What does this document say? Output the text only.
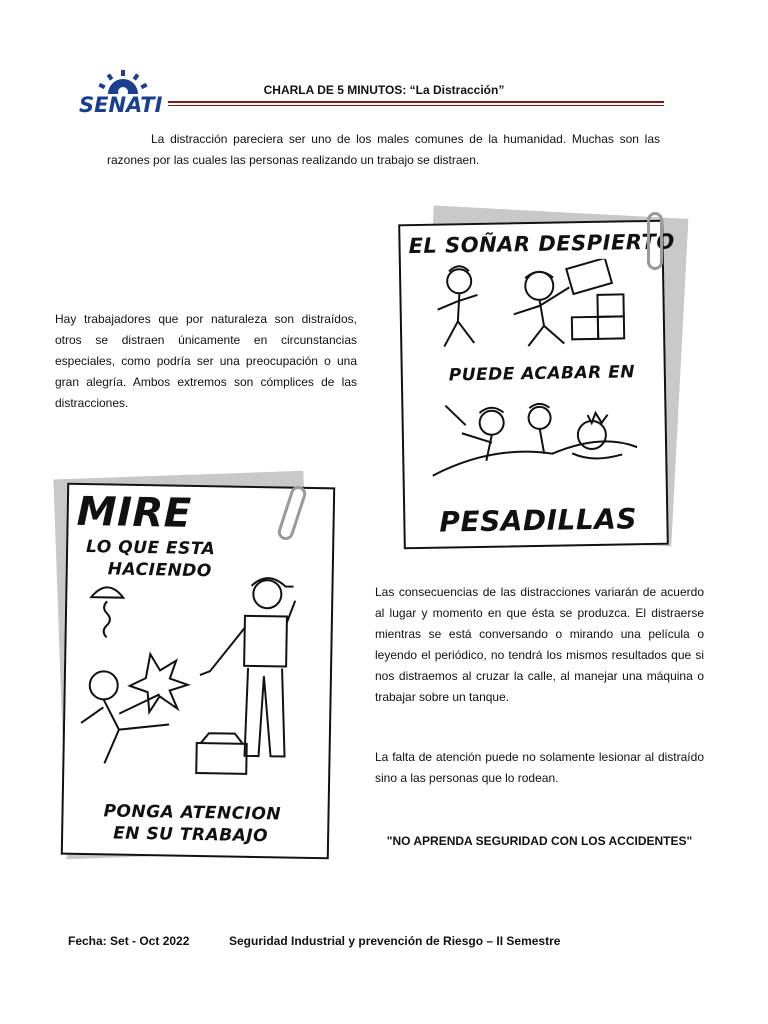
SENATI
CHARLA DE 5 MINUTOS: “La Distracción”

La distracción pareciera ser uno de los males comunes de la humanidad. Muchas son las razones por las cuales las personas realizando un trabajo se distraen.

Hay trabajadores que por naturaleza son distraídos, otros se distraen únicamente en circunstancias especiales, como podría ser una preocupación o una gran alegría. Ambos extremos son cómplices de las distracciones.

Las consecuencias de las distracciones variarán de acuerdo al lugar y momento en que ésta se produzca. El distraerse mientras se está conversando o mirando una película o leyendo el periódico, no tendrá los mismos resultados que si nos distraemos al cruzar la calle, al manejar una máquina o trabajar sobre un tanque.

La falta de atención puede no solamente lesionar al distraído sino a las personas que lo rodean.

"NO APRENDA SEGURIDAD CON LOS ACCIDENTES"

EL SOÑAR DESPIERTO
PUEDE ACABAR EN
PESADILLAS
MIRE
LO QUE ESTA
HACIENDO
PONGA ATENCION
EN SU TRABAJO
Fecha: Set - Oct 2022	Seguridad Industrial y prevención de Riesgo – II Semestre
